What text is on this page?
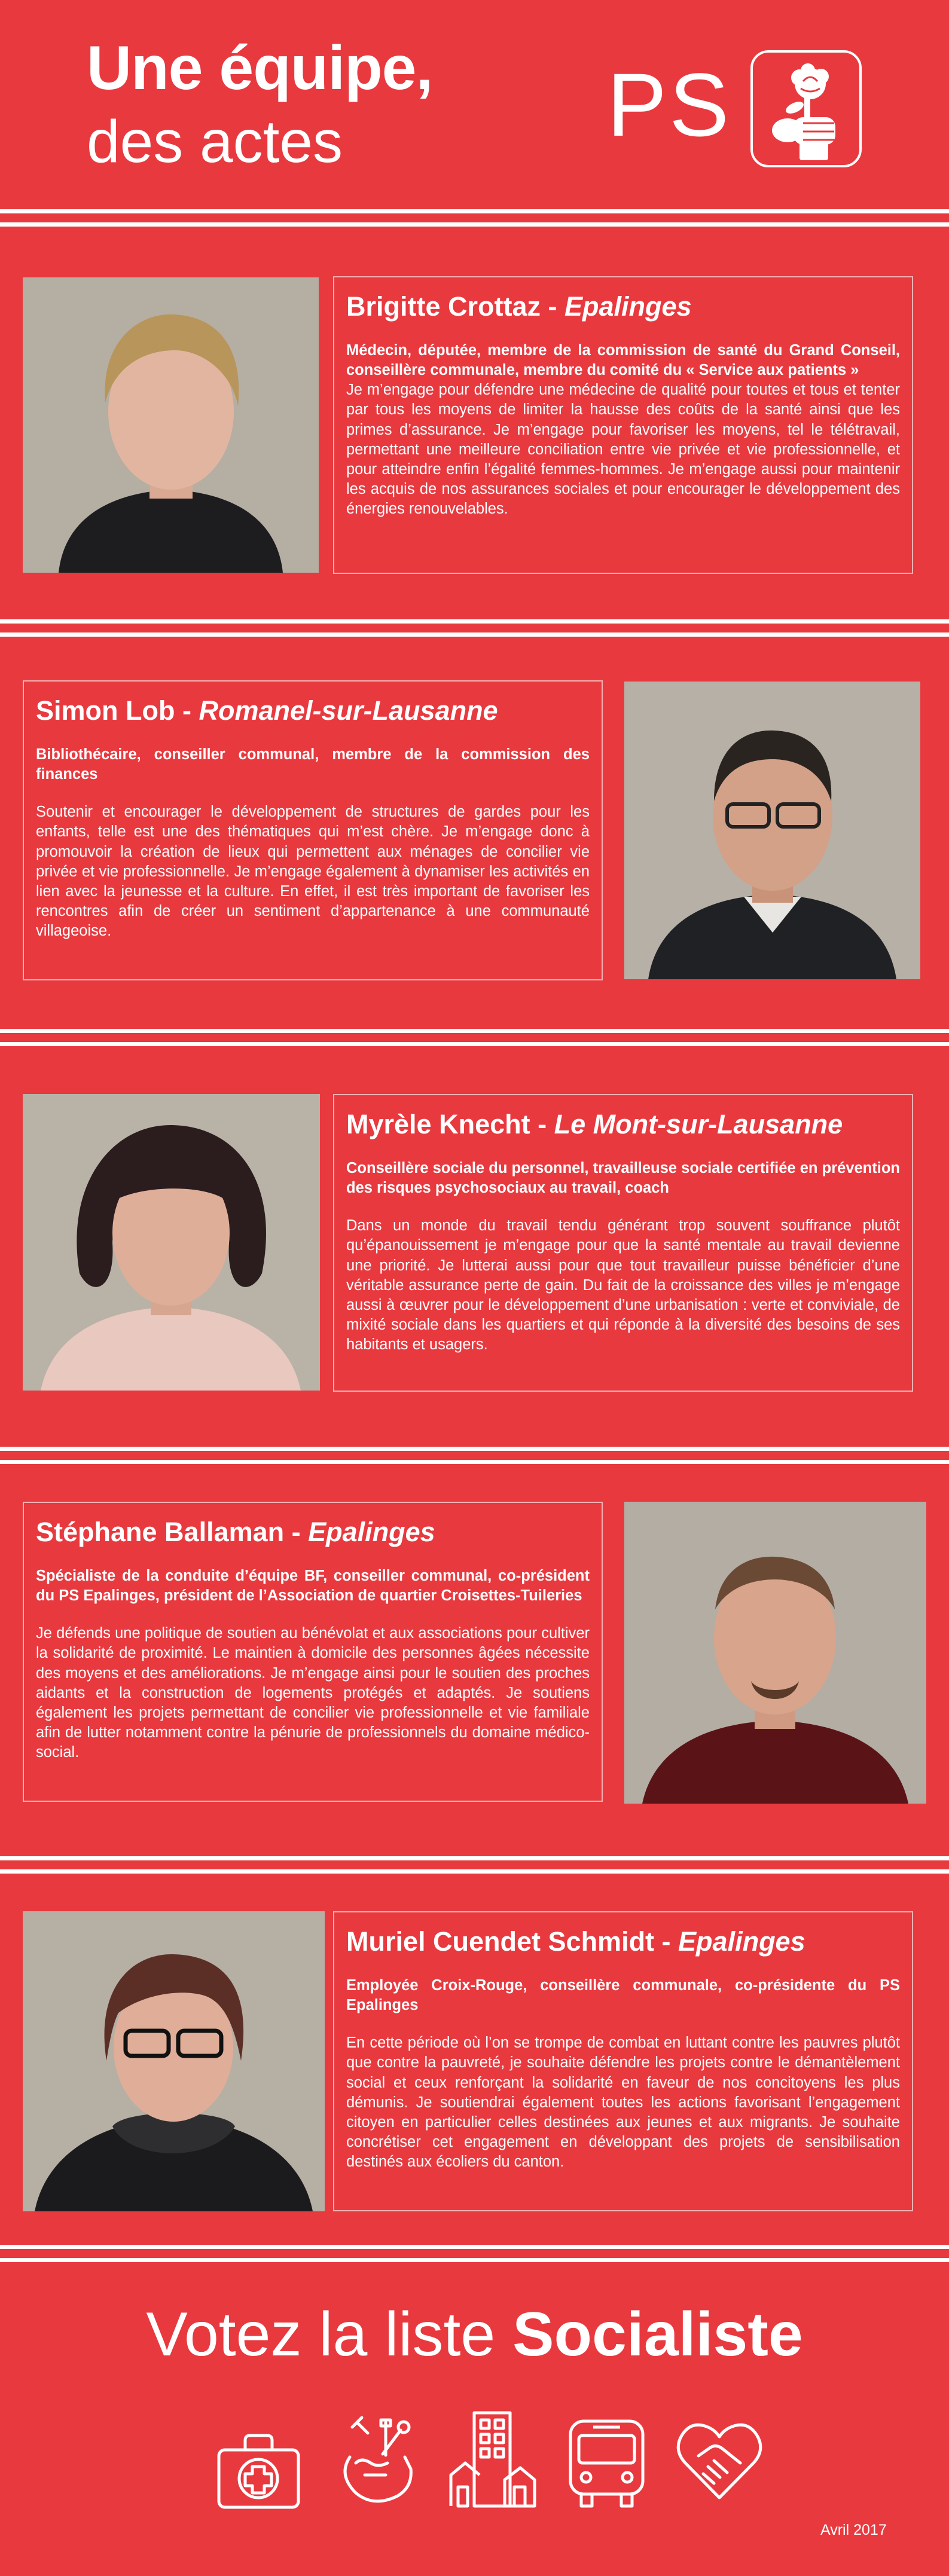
Une équipe,
des actes	PS
Brigitte Crottaz - Epalinges
Médecin, députée, membre de la commission de santé du Grand Conseil, conseillère communale, membre du comité du « Service aux patients »
Je m’engage pour défendre une médecine de qualité pour toutes et tous et tenter par tous les moyens de limiter la hausse des coûts de la santé ainsi que les primes d’assurance. Je m’engage pour favoriser les moyens, tel le télétravail, permettant une meilleure conciliation entre vie privée et vie professionnelle, et pour atteindre enfin l’égalité femmes-hommes. Je m’engage aussi pour maintenir les acquis de nos assurances sociales et pour encourager le développement des énergies renouvelables.
Simon Lob - Romanel-sur-Lausanne
Bibliothécaire, conseiller communal, membre de la commission des finances
Soutenir et encourager le développement de structures de gardes pour les enfants, telle est une des thématiques qui m’est chère. Je m’engage donc à promouvoir la création de lieux qui permettent aux ménages de concilier vie privée et vie professionnelle. Je m’engage également à dynamiser les activités en lien avec la jeunesse et la culture. En effet, il est très important de favoriser les rencontres afin de créer un sentiment d’appartenance à une communauté villageoise.
Myrèle Knecht - Le Mont-sur-Lausanne
Conseillère sociale du personnel, travailleuse sociale certifiée en prévention des risques psychosociaux au travail, coach
Dans un monde du travail tendu générant trop souvent souffrance plutôt qu’épanouissement je m’engage pour que la santé mentale au travail devienne une priorité. Je lutterai aussi pour que tout travailleur puisse bénéficier d’une véritable assurance perte de gain. Du fait de la croissance des villes je m’engage aussi à œuvrer pour le développement d’une urbanisation : verte et conviviale, de mixité sociale dans les quartiers et qui réponde à la diversité des besoins de ses habitants et usagers.
Stéphane Ballaman - Epalinges
Spécialiste de la conduite d’équipe BF, conseiller communal, co-président du PS Epalinges, président de l’Association de quartier Croisettes-Tuileries
Je défends une politique de soutien au bénévolat et aux associations pour cultiver la solidarité de proximité. Le maintien à domicile des personnes âgées nécessite des moyens et des améliorations. Je m’engage ainsi pour le soutien des proches aidants et la construction de logements protégés et adaptés. Je soutiens également les projets permettant de concilier vie professionnelle et vie familiale afin de lutter notamment contre la pénurie de professionnels du domaine médico-social.
Muriel Cuendet Schmidt - Epalinges
Employée Croix-Rouge, conseillère communale, co-présidente du PS Epalinges
En cette période où l’on se trompe de combat en luttant contre les pauvres plutôt que contre la pauvreté, je souhaite défendre les projets contre le démantèlement social et ceux renforçant la solidarité en faveur de nos concitoyens les plus démunis. Je soutiendrai également toutes les actions favorisant l’engagement citoyen en particulier celles destinées aux jeunes et aux migrants. Je souhaite concrétiser cet engagement en développant des projets de sensibilisation destinés aux écoliers du canton.
Votez la liste Socialiste
Avril 2017
